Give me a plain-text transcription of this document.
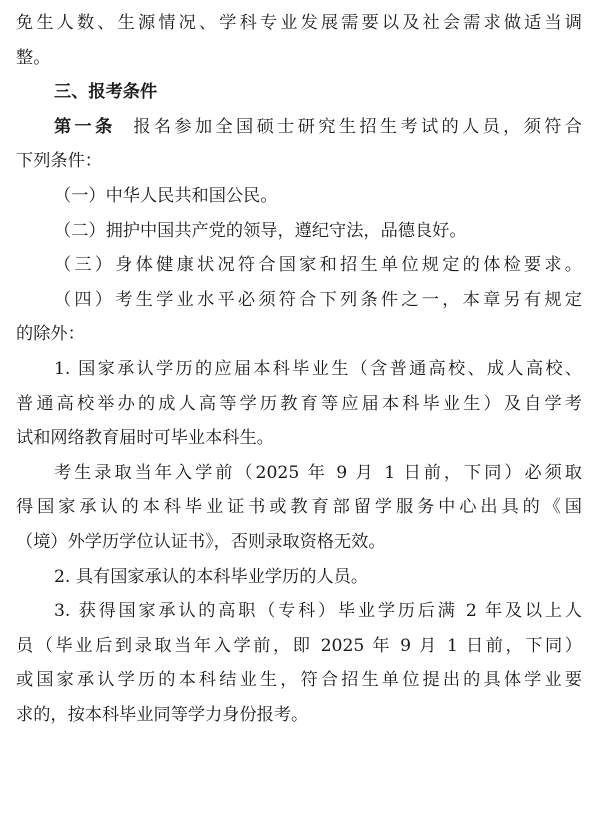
免生人数、生源情况、学科专业发展需要以及社会需求做适当调
整。
三、报考条件
第一条 报名参加全国硕士研究生招生考试的人员，须符合
下列条件：
（一）中华人民共和国公民。
（二）拥护中国共产党的领导，遵纪守法，品德良好。
（三）身体健康状况符合国家和招生单位规定的体检要求。
（四）考生学业水平必须符合下列条件之一，本章另有规定
的除外：
1. 国家承认学历的应届本科毕业生（含普通高校、成人高校、
普通高校举办的成人高等学历教育等应届本科毕业生）及自学考
试和网络教育届时可毕业本科生。
考生录取当年入学前（2025 年 9 月 1 日前，下同）必须取
得国家承认的本科毕业证书或教育部留学服务中心出具的《国
（境）外学历学位认证书》，否则录取资格无效。
2. 具有国家承认的本科毕业学历的人员。
3. 获得国家承认的高职（专科）毕业学历后满 2 年及以上人
员（毕业后到录取当年入学前，即 2025 年 9 月 1 日前，下同）
或国家承认学历的本科结业生，符合招生单位提出的具体学业要
求的，按本科毕业同等学力身份报考。
